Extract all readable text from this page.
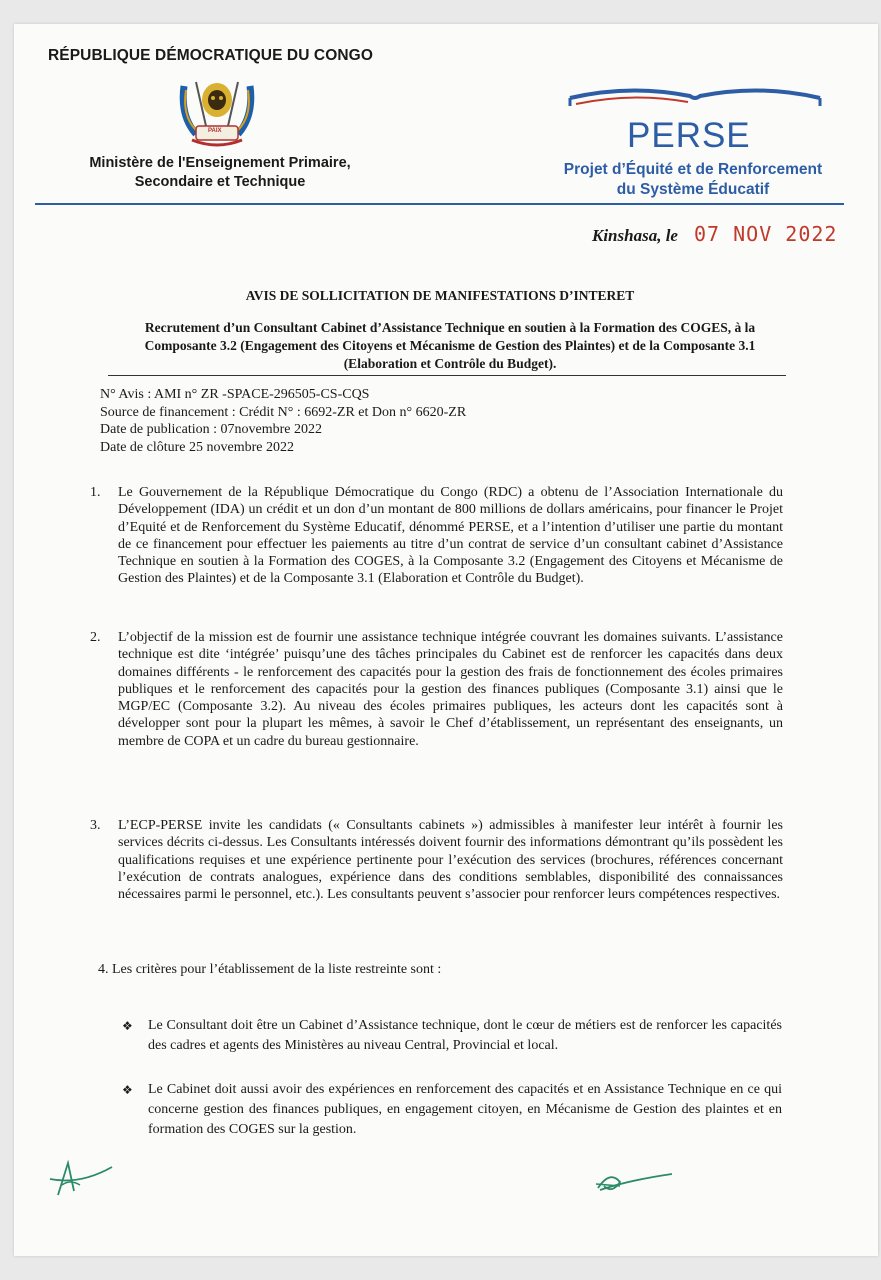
RÉPUBLIQUE DÉMOCRATIQUE DU CONGO
PAIX
Ministère de l'Enseignement Primaire,
Secondaire et Technique
PERSE
Projet d’Équité et de Renforcement
du Système Éducatif
Kinshasa, le 07 NOV 2022
AVIS DE SOLLICITATION DE MANIFESTATIONS D’INTERET
Recrutement d’un Consultant Cabinet d’Assistance Technique en soutien à la Formation des COGES, à la
Composante 3.2 (Engagement des Citoyens et Mécanisme de Gestion des Plaintes) et de la Composante 3.1
(Elaboration et Contrôle du Budget).
N° Avis : AMI n° ZR -SPACE-296505-CS-CQS
Source de financement : Crédit N° : 6692-ZR et Don n° 6620-ZR
Date de publication : 07novembre 2022
Date de clôture 25 novembre 2022
1. Le Gouvernement de la République Démocratique du Congo (RDC) a obtenu de l’Association Internationale du Développement (IDA) un crédit et un don d’un montant de 800 millions de dollars américains, pour financer le Projet d’Equité et de Renforcement du Système Educatif, dénommé PERSE, et a l’intention d’utiliser une partie du montant de ce financement pour effectuer les paiements au titre d’un contrat de service d’un consultant cabinet d’Assistance Technique en soutien à la Formation des COGES, à la Composante 3.2 (Engagement des Citoyens et Mécanisme de Gestion des Plaintes) et de la Composante 3.1 (Elaboration et Contrôle du Budget).
2. L’objectif de la mission est de fournir une assistance technique intégrée couvrant les domaines suivants. L’assistance technique est dite ‘intégrée’ puisqu’une des tâches principales du Cabinet est de renforcer les capacités dans deux domaines différents - le renforcement des capacités pour la gestion des frais de fonctionnement des écoles primaires publiques et le renforcement des capacités pour la gestion des finances publiques (Composante 3.1) ainsi que le MGP/EC (Composante 3.2). Au niveau des écoles primaires publiques, les acteurs dont les capacités sont à développer sont pour la plupart les mêmes, à savoir le Chef d’établissement, un représentant des enseignants, un membre de COPA et un cadre du bureau gestionnaire.
3. L’ECP-PERSE invite les candidats (« Consultants cabinets ») admissibles à manifester leur intérêt à fournir les services décrits ci-dessus. Les Consultants intéressés doivent fournir des informations démontrant qu’ils possèdent les qualifications requises et une expérience pertinente pour l’exécution des services (brochures, références concernant l’exécution de contrats analogues, expérience dans des conditions semblables, disponibilité des connaissances nécessaires parmi le personnel, etc.). Les consultants peuvent s’associer pour renforcer leurs compétences respectives.
4. Les critères pour l’établissement de la liste restreinte sont :
❖ Le Consultant doit être un Cabinet d’Assistance technique, dont le cœur de métiers est de renforcer les capacités des cadres et agents des Ministères au niveau Central, Provincial et local.
❖ Le Cabinet doit aussi avoir des expériences en renforcement des capacités et en Assistance Technique en ce qui concerne gestion des finances publiques, en engagement citoyen, en Mécanisme de Gestion des plaintes et en formation des COGES sur la gestion.
